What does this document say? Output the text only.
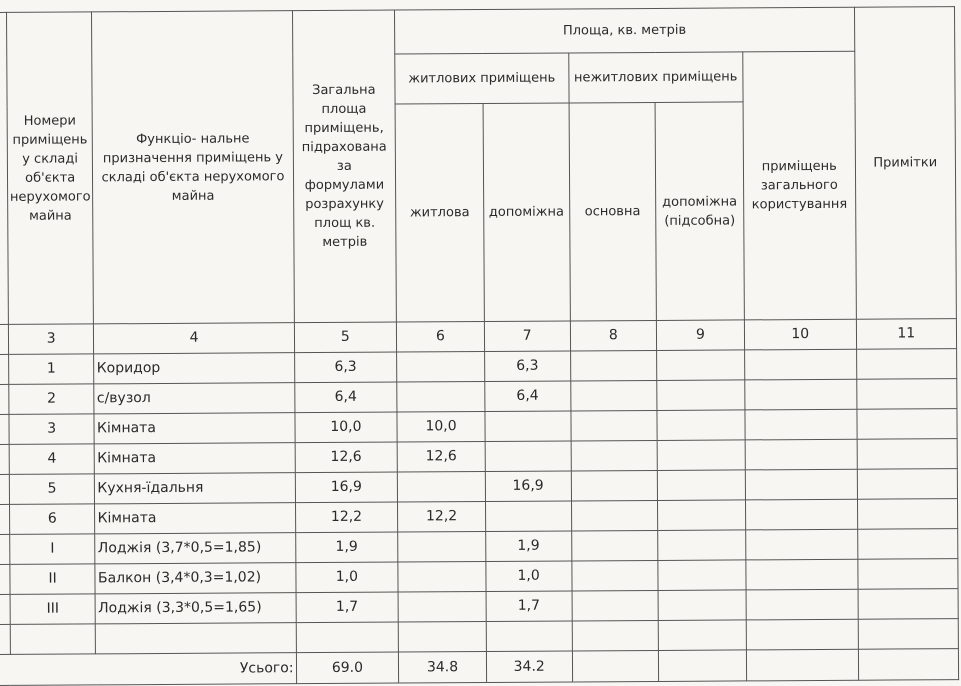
	Номери приміщень у складі об'єкта нерухомого майна	Функціо- нальне призначення приміщень у складі об'єкта нерухомого майна	Загальна площа приміщень, підрахована за формулами розрахунку площ кв. метрів	Площа, кв. метрів					Примітки
				житлових приміщень		нежитлових приміщень		приміщень загального користування	
				житлова	допоміжна	основна	допоміжна (підсобна)		
	3	4	5	6	7	8	9	10	11
	1	Коридор	6,3		6,3				
	2	с/вузол	6,4		6,4				
	3	Кімната	10,0	10,0					
	4	Кімната	12,6	12,6					
	5	Кухня-їдальня	16,9		16,9				
	6	Кімната	12,2	12,2					
	I	Лоджія (3,7*0,5=1,85)	1,9		1,9				
	II	Балкон (3,4*0,3=1,02)	1,0		1,0				
	III	Лоджія (3,3*0,5=1,65)	1,7		1,7				

Усього:			69.0	34.8	34.2				
